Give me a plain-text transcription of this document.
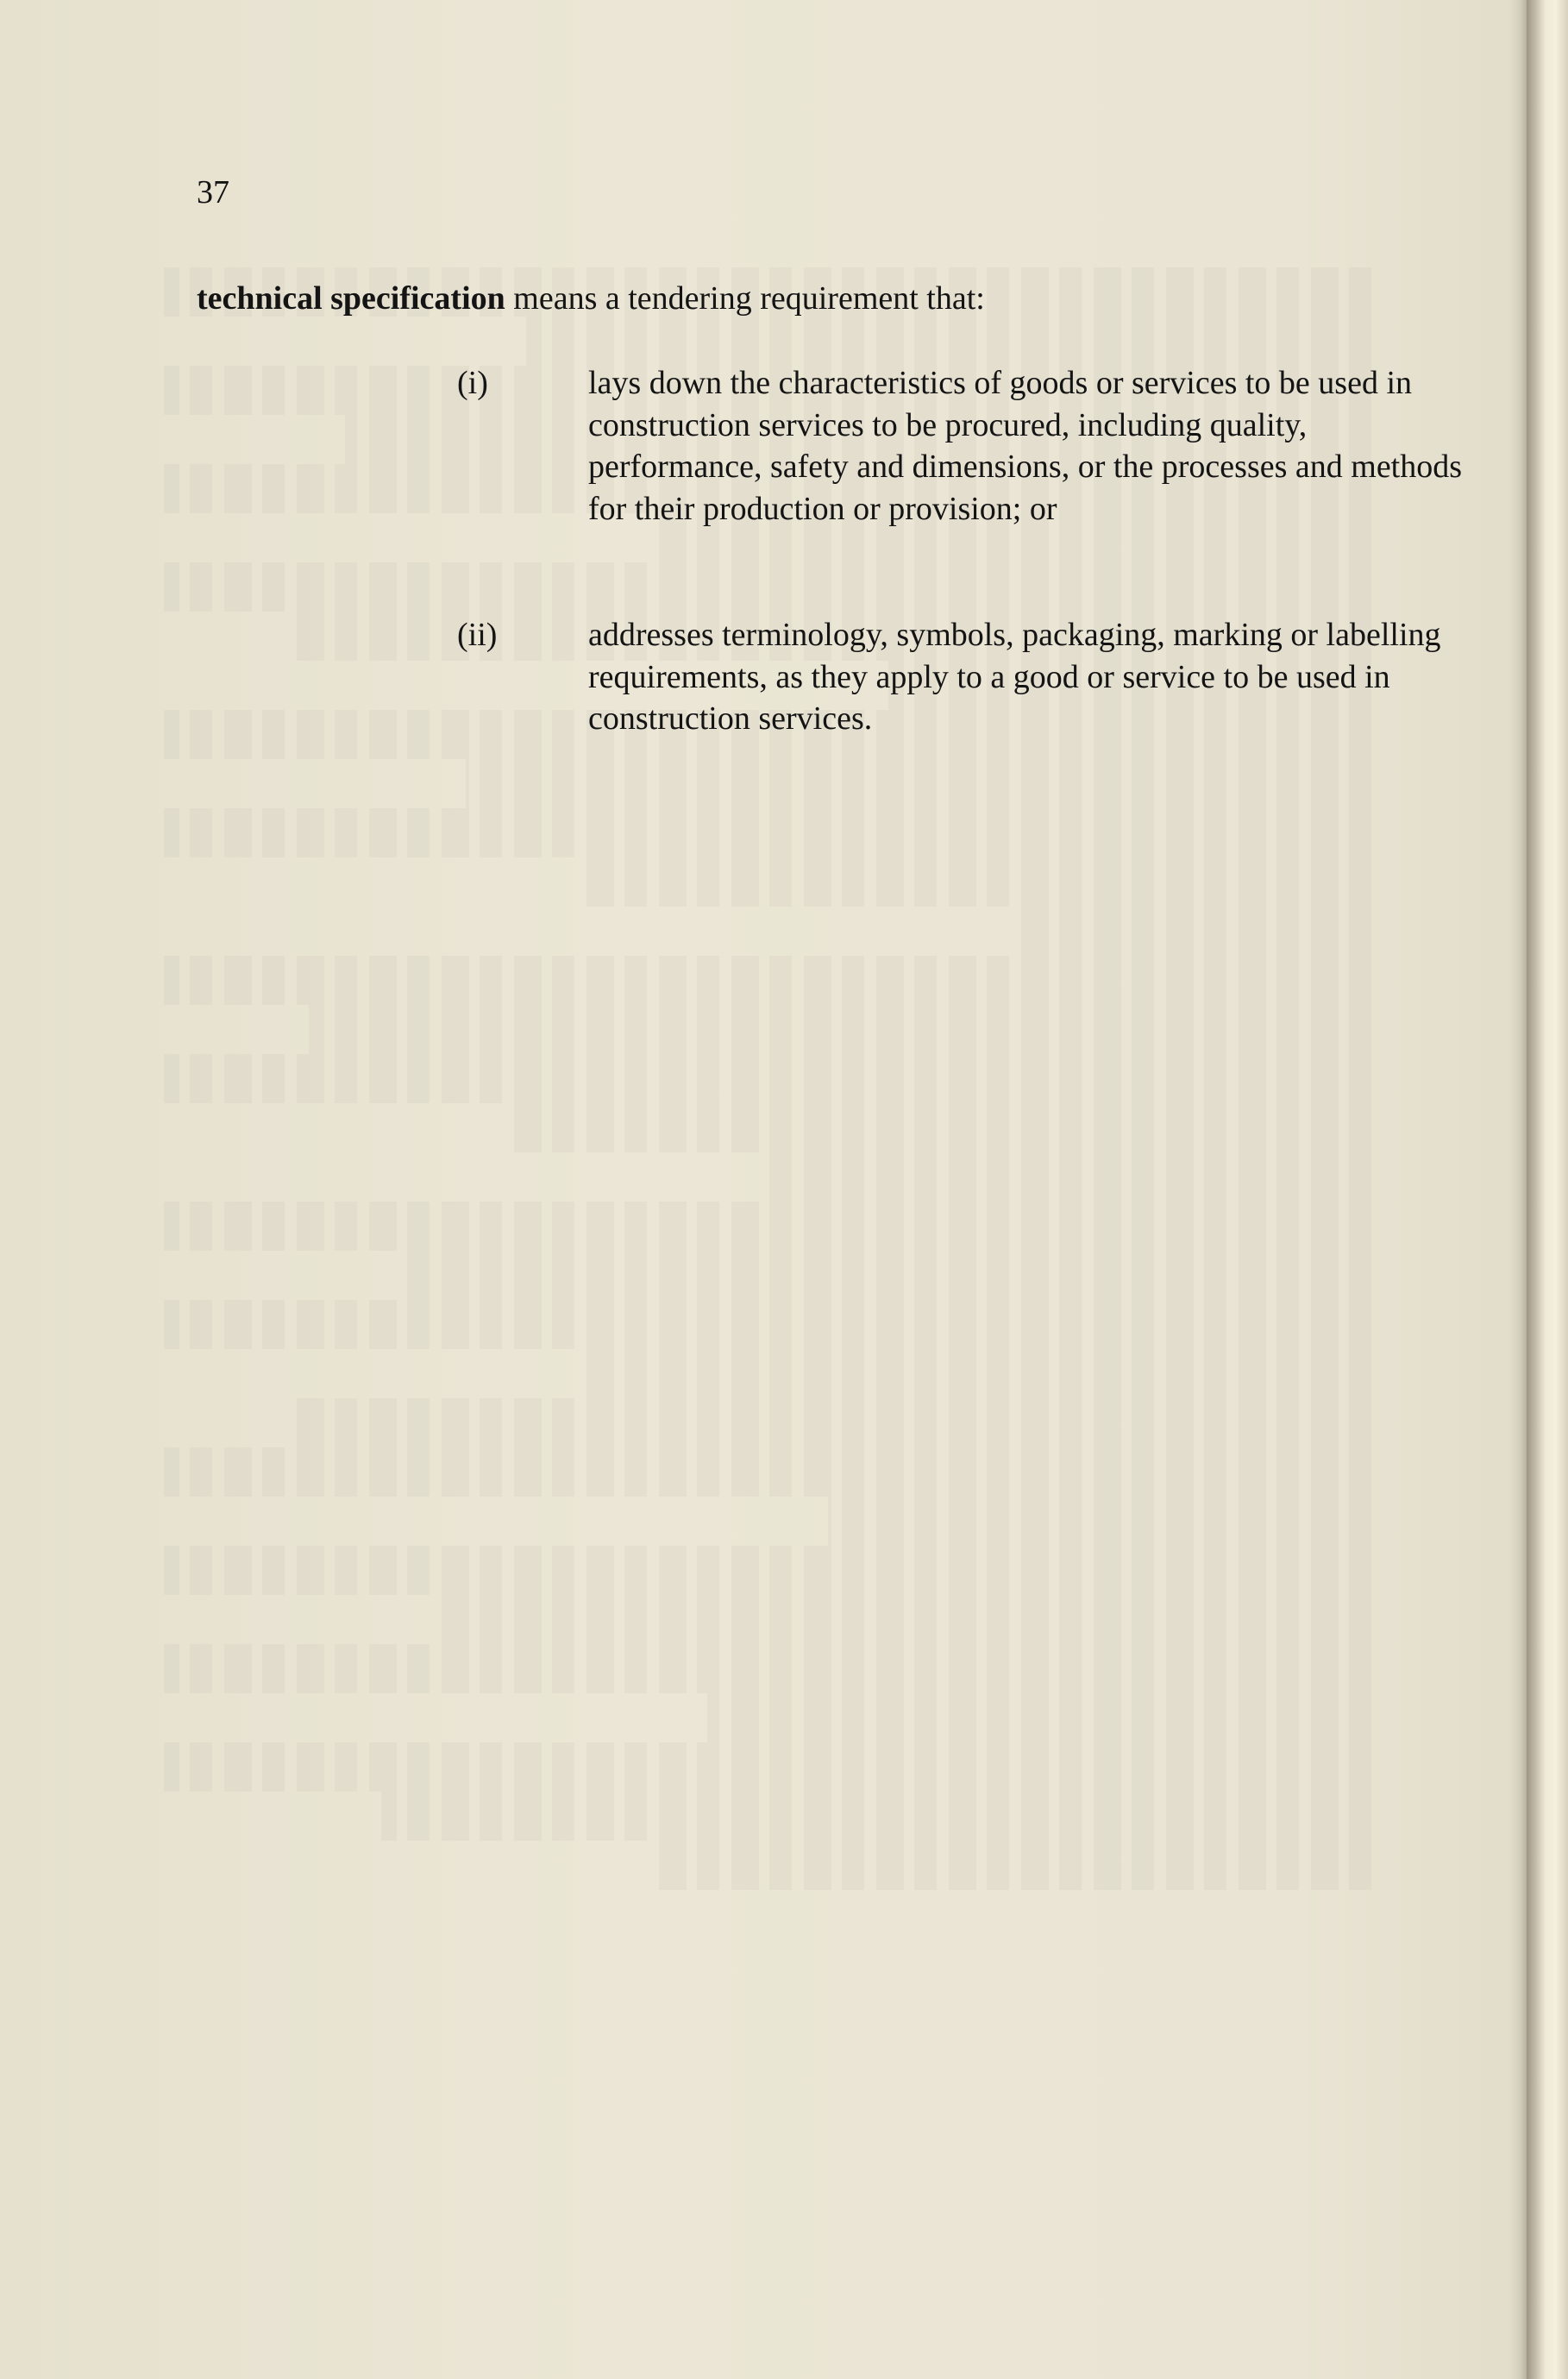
37

technical specification means a tendering requirement that:

(i)	lays down the characteristics of goods or services to be used in construction services to be procured, including quality, performance, safety and dimensions, or the processes and methods for their production or provision; or
(ii)	addresses terminology, symbols, packaging, marking or labelling requirements, as they apply to a good or service to be used in construction services.
